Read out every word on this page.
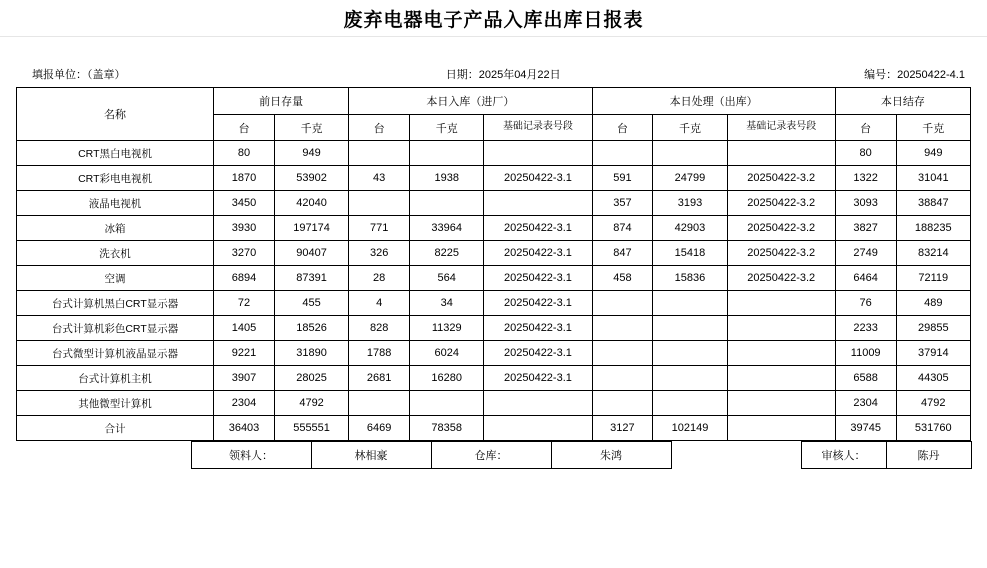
废弃电器电子产品入库出库日报表
填报单位：（盖章）	日期：2025年04月22日	编号：20250422-4.1
名称	前日存量		本日入库（进厂）			本日处理（出库）			本日结存	
	台	千克	台	千克	基础记录表号段	台	千克	基础记录表号段	台	千克
CRT黑白电视机	80	949							80	949
CRT彩电电视机	1870	53902	43	1938	20250422-3.1	591	24799	20250422-3.2	1322	31041
液晶电视机	3450	42040				357	3193	20250422-3.2	3093	38847
冰箱	3930	197174	771	33964	20250422-3.1	874	42903	20250422-3.2	3827	188235
洗衣机	3270	90407	326	8225	20250422-3.1	847	15418	20250422-3.2	2749	83214
空调	6894	87391	28	564	20250422-3.1	458	15836	20250422-3.2	6464	72119
台式计算机黑白CRT显示器	72	455	4	34	20250422-3.1				76	489
台式计算机彩色CRT显示器	1405	18526	828	11329	20250422-3.1				2233	29855
台式微型计算机液晶显示器	9221	31890	1788	6024	20250422-3.1				11009	37914
台式计算机主机	3907	28025	2681	16280	20250422-3.1				6588	44305
其他微型计算机	2304	4792							2304	4792
合计	36403	555551	6469	78358		3127	102149		39745	531760
	领料人：	林相豪	仓库：	朱鸿		审核人：	陈丹
